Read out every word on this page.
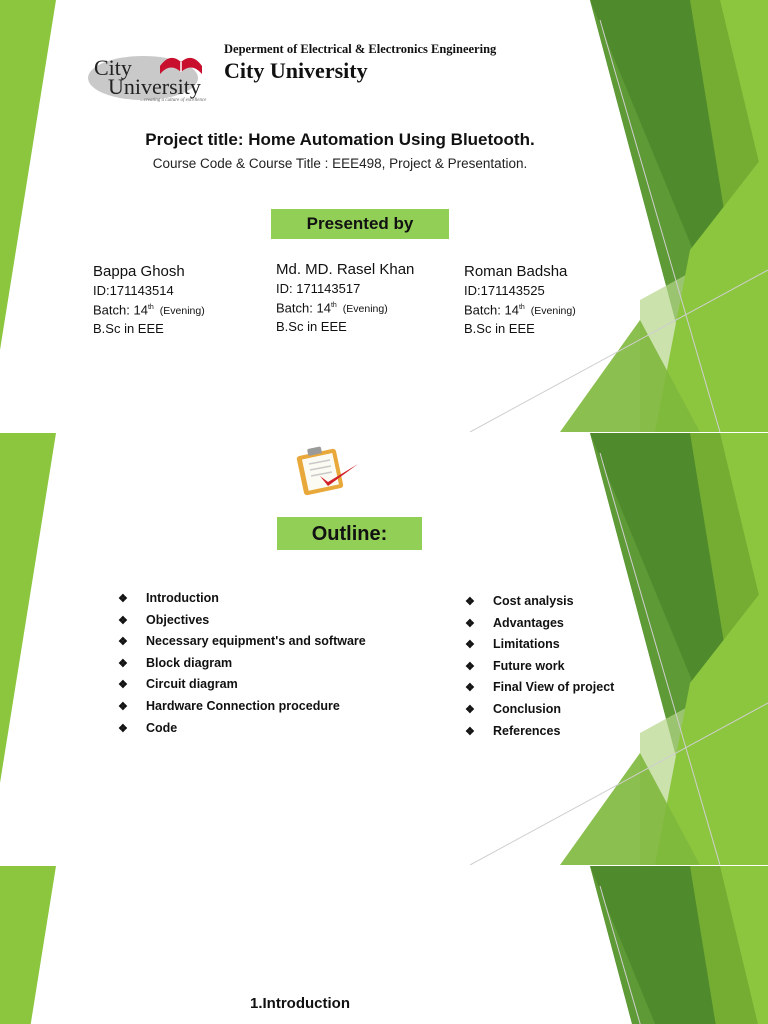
City
University
...creating a culture of excellence
Deperment of Electrical & Electronics Engineering
City University
Project title: Home Automation Using Bluetooth.
Course Code & Course Title : EEE498, Project & Presentation.
Presented by
Bappa Ghosh
ID:171143514
Batch: 14th (Evening)
B.Sc in EEE
Md. MD. Rasel Khan
ID: 171143517
Batch: 14th (Evening)
B.Sc in EEE
Roman Badsha
ID:171143525
Batch: 14th (Evening)
B.Sc in EEE
Outline:
❖ Introduction
❖ Objectives
❖ Necessary equipment's and software
❖ Block diagram
❖ Circuit diagram
❖ Hardware Connection procedure
❖ Code
❖ Cost analysis
❖ Advantages
❖ Limitations
❖ Future work
❖ Final View of project
❖ Conclusion
❖ References
1.Introduction
